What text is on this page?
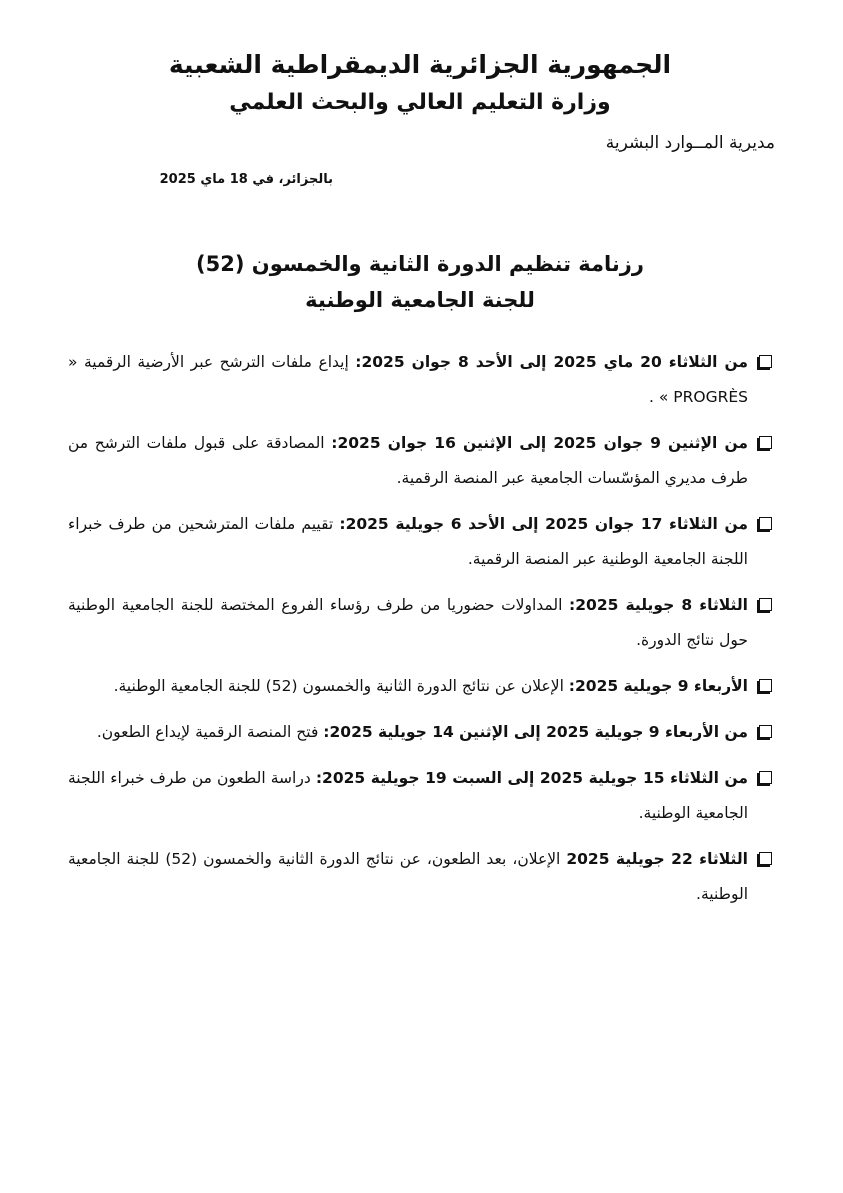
الجمهورية الجزائرية الديمقراطية الشعبية
وزارة التعليم العالي والبحث العلمي
مديرية المــوارد البشرية
بالجزائر، في 18 ماي 2025
رزنامة تنظيم الدورة الثانية والخمسون (52)
للجنة الجامعية الوطنية
من الثلاثاء 20 ماي 2025 إلى الأحد 8 جوان 2025: إيداع ملفات الترشح عبر الأرضية الرقمية « PROGRÈS » .
من الإثنين 9 جوان 2025 إلى الإثنين 16 جوان 2025: المصادقة على قبول ملفات الترشح من طرف مديري المؤسّسات الجامعية عبر المنصة الرقمية.
من الثلاثاء 17 جوان 2025 إلى الأحد 6 جويلية 2025: تقييم ملفات المترشحين من طرف خبراء اللجنة الجامعية الوطنية عبر المنصة الرقمية.
الثلاثاء 8 جويلية 2025: المداولات حضوريا من طرف رؤساء الفروع المختصة للجنة الجامعية الوطنية حول نتائج الدورة.
الأربعاء 9 جويلية 2025: الإعلان عن نتائج الدورة الثانية والخمسون (52) للجنة الجامعية الوطنية.
من الأربعاء 9 جويلية 2025 إلى الإثنين 14 جويلية 2025: فتح المنصة الرقمية لإيداع الطعون.
من الثلاثاء 15 جويلية 2025 إلى السبت 19 جويلية 2025: دراسة الطعون من طرف خبراء اللجنة الجامعية الوطنية.
الثلاثاء 22 جويلية 2025 الإعلان، بعد الطعون، عن نتائج الدورة الثانية والخمسون (52) للجنة الجامعية الوطنية.
